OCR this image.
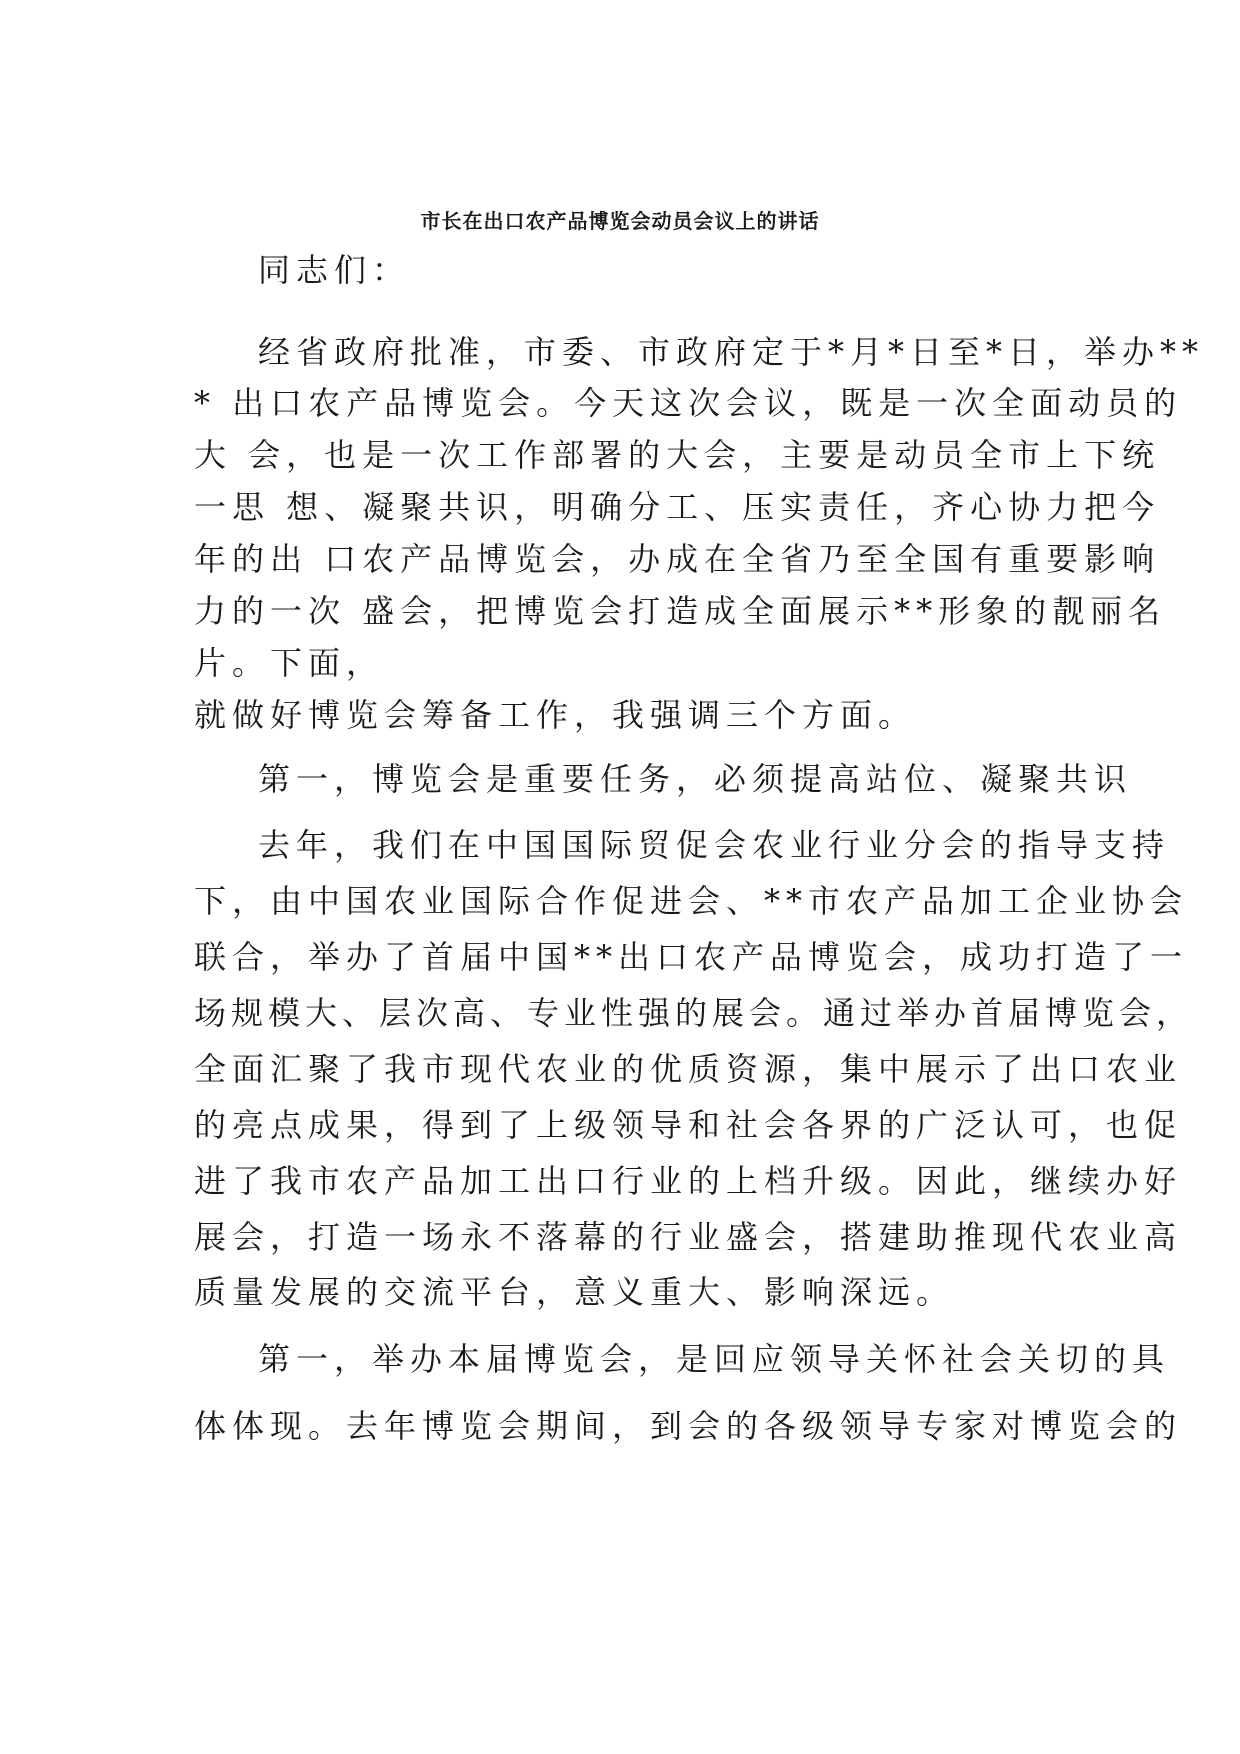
市长在出口农产品博览会动员会议上的讲话
同志们：
经省政府批准，市委、市政府定于*月*日至*日，举办**
* 出口农产品博览会。今天这次会议，既是一次全面动员的
大 会，也是一次工作部署的大会，主要是动员全市上下统
一思 想、凝聚共识，明确分工、压实责任，齐心协力把今
年的出 口农产品博览会，办成在全省乃至全国有重要影响
力的一次 盛会，把博览会打造成全面展示**形象的靓丽名
片。下面，
就做好博览会筹备工作，我强调三个方面。
第一，博览会是重要任务，必须提高站位、凝聚共识
去年，我们在中国国际贸促会农业行业分会的指导支持
下，由中国农业国际合作促进会、**市农产品加工企业协会
联合，举办了首届中国**出口农产品博览会，成功打造了一
场规模大、层次高、专业性强的展会。通过举办首届博览会，
全面汇聚了我市现代农业的优质资源，集中展示了出口农业
的亮点成果，得到了上级领导和社会各界的广泛认可，也促
进了我市农产品加工出口行业的上档升级。因此，继续办好
展会，打造一场永不落幕的行业盛会，搭建助推现代农业高
质量发展的交流平台，意义重大、影响深远。
第一，举办本届博览会，是回应领导关怀社会关切的具
体体现。去年博览会期间，到会的各级领导专家对博览会的
